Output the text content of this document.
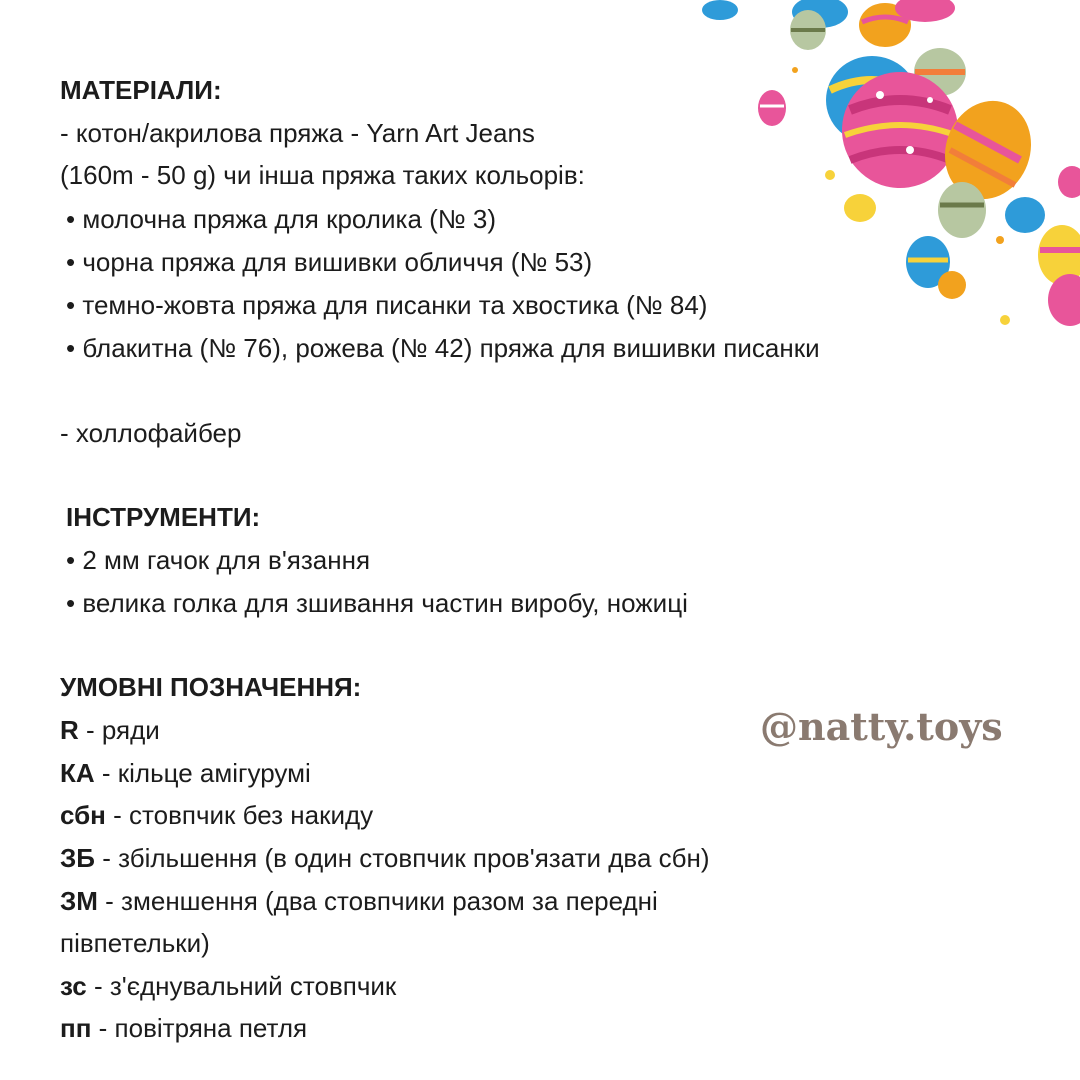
МАТЕРІАЛИ:
- котон/акрилова пряжа - Yarn Art Jeans
(160m - 50 g) чи інша пряжа таких кольорів:
• молочна пряжа для кролика (№ 3)
• чорна пряжа для вишивки обличчя (№ 53)
• темно-жовта пряжа для писанки та хвостика (№ 84)
• блакитна (№ 76), рожева (№ 42) пряжа для вишивки писанки
- холлофайбер
ІНСТРУМЕНТИ:
• 2 мм гачок для в'язання
• велика голка для зшивання частин виробу, ножиці
УМОВНІ ПОЗНАЧЕННЯ:
R - ряди
КА - кільце амігурумі
сбн - стовпчик без накиду
ЗБ - збільшення (в один стовпчик пров'язати два сбн)
ЗМ - зменшення (два стовпчики разом за передні
півпетельки)
зс - з'єднувальний стовпчик
пп - повітряна петля
@natty.toys
